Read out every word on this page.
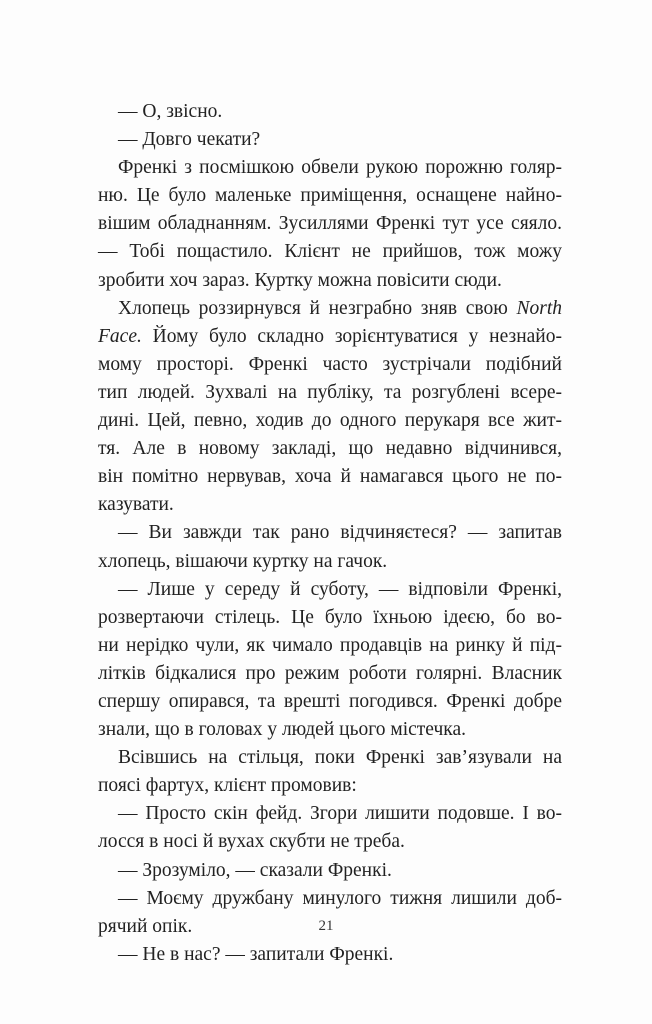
— О, звісно.
— Довго чекати?
Френкі з посмішкою обвели рукою порожню голяр-
ню. Це було маленьке приміщення, оснащене найно-
вішим обладнанням. Зусиллями Френкі тут усе сяяло.
— Тобі пощастило. Клієнт не прийшов, тож можу
зробити хоч зараз. Куртку можна повісити сюди.
Хлопець роззирнувся й незграбно зняв свою North
Face. Йому було складно зорієнтуватися у незнайо-
мому просторі. Френкі часто зустрічали подібний
тип людей. Зухвалі на публіку, та розгублені всере-
дині. Цей, певно, ходив до одного перукаря все жит-
тя. Але в новому закладі, що недавно відчинився,
він помітно нервував, хоча й намагався цього не по-
казувати.
— Ви завжди так рано відчиняєтеся? — запитав
хлопець, вішаючи куртку на гачок.
— Лише у середу й суботу, — відповіли Френкі,
розвертаючи стілець. Це було їхньою ідеєю, бо во-
ни нерідко чули, як чимало продавців на ринку й під-
літків бідкалися про режим роботи голярні. Власник
спершу опирався, та врешті погодився. Френкі добре
знали, що в головах у людей цього містечка.
Всівшись на стільця, поки Френкі зав’язували на
поясі фартух, клієнт промовив:
— Просто скін фейд. Згори лишити подовше. І во-
лосся в носі й вухах скубти не треба.
— Зрозуміло, — сказали Френкі.
— Моєму дружбану минулого тижня лишили доб-
рячий опік.
— Не в нас? — запитали Френкі.
21
